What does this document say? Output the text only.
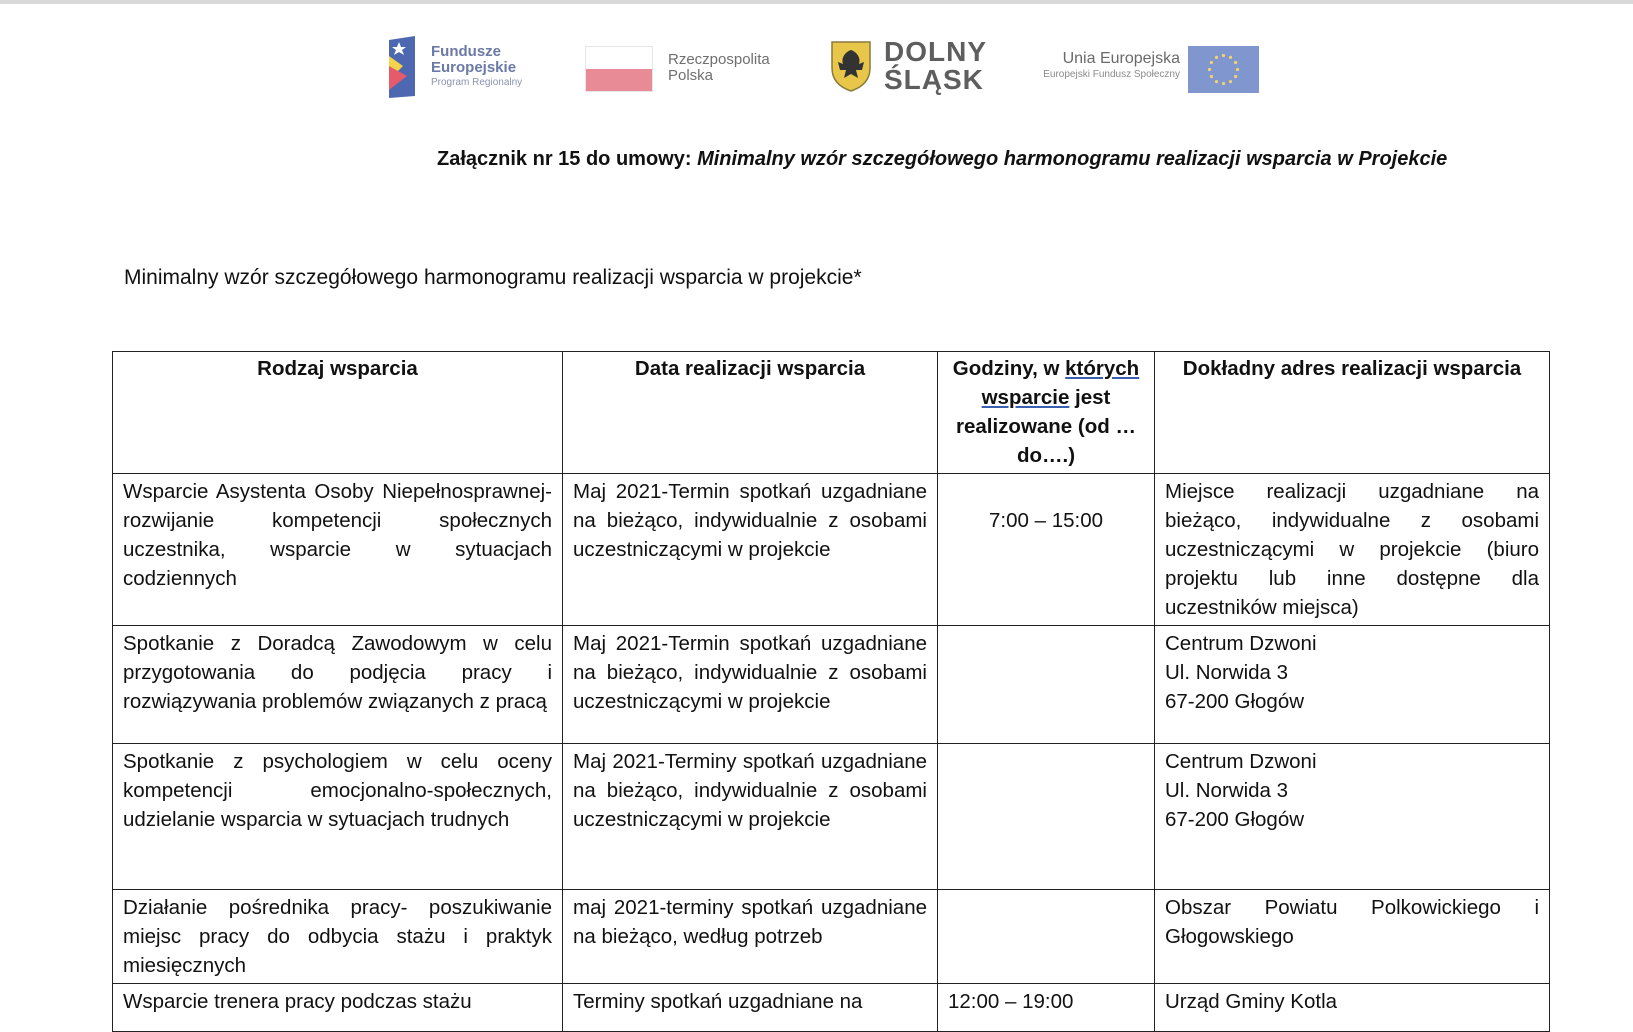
Fundusze
Europejskie
Program Regionalny
Rzeczpospolita
Polska
DOLNY
ŚLĄSK
Unia Europejska
Europejski Fundusz Społeczny
Załącznik nr 15 do umowy: Minimalny wzór szczegółowego harmonogramu realizacji wsparcia w Projekcie
Minimalny wzór szczegółowego harmonogramu realizacji wsparcia w projekcie*
Rodzaj wsparcia	Data realizacji wsparcia	Godziny, w których wsparcie jest realizowane (od … do….)	Dokładny adres realizacji wsparcia
Wsparcie Asystenta Osoby Niepełnosprawnej- rozwijanie kompetencji społecznych uczestnika, wsparcie w sytuacjach codziennych	Maj 2021-Termin spotkań uzgadniane na bieżąco, indywidualnie z osobami uczestniczącymi w projekcie	7:00 – 15:00	Miejsce realizacji uzgadniane na bieżąco, indywidualne z osobami uczestniczącymi w projekcie (biuro projektu lub inne dostępne dla uczestników miejsca)
Spotkanie z Doradcą Zawodowym w celu przygotowania do podjęcia pracy i rozwiązywania problemów związanych z pracą	Maj 2021-Termin spotkań uzgadniane na bieżąco, indywidualnie z osobami uczestniczącymi w projekcie		Centrum Dzwoni
Ul. Norwida 3
67-200 Głogów

Spotkanie z psychologiem w celu oceny kompetencji emocjonalno-społecznych, udzielanie wsparcia w sytuacjach trudnych	Maj 2021-Terminy spotkań uzgadniane na bieżąco, indywidualnie z osobami uczestniczącymi w projekcie		Centrum Dzwoni
Ul. Norwida 3
67-200 Głogów

Działanie pośrednika pracy- poszukiwanie miejsc pracy do odbycia stażu i praktyk miesięcznych	maj 2021-terminy spotkań uzgadniane na bieżąco, według potrzeb		Obszar Powiatu Polkowickiego i Głogowskiego
Wsparcie trenera pracy podczas stażu	Terminy spotkań uzgadniane na	12:00 – 19:00	Urząd Gminy Kotla
